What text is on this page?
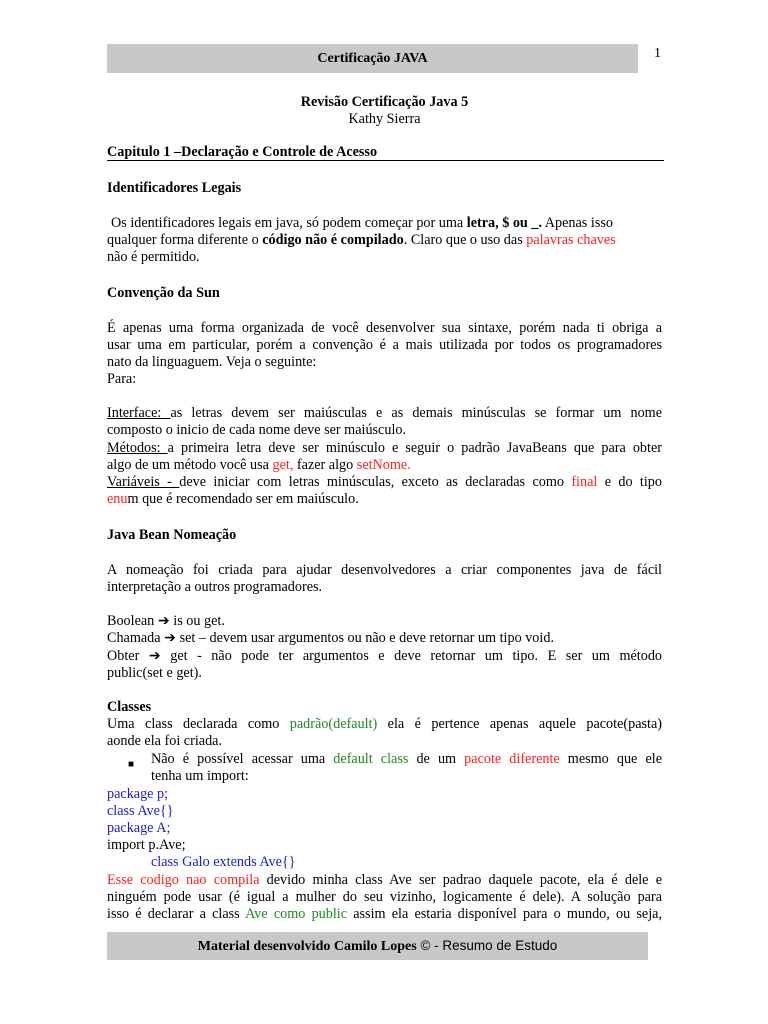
Certificação JAVA	1
Revisão Certificação Java 5
Kathy Sierra
Capitulo 1 –Declaração e Controle de Acesso
Identificadores Legais
Os identificadores legais em java, só podem começar por uma letra, $ ou _. Apenas isso
qualquer forma diferente o código não é compilado. Claro que o uso das palavras chaves
não é permitido.
Convenção da Sun
É apenas uma forma organizada de você desenvolver sua sintaxe, porém nada ti obriga a
usar uma em particular, porém a convenção é a mais utilizada por todos os programadores
nato da linguaguem. Veja o seguinte:
Para:
Interface: as letras devem ser maiúsculas e as demais minúsculas se formar um nome
composto o inicio de cada nome deve ser maiúsculo.
Métodos: a primeira letra deve ser minúsculo e seguir o padrão JavaBeans que para obter
algo de um método você usa get, fazer algo setNome.
Variáveis - deve iniciar com letras minúsculas, exceto as declaradas como final e do tipo
enum que é recomendado ser em maiúsculo.
Java Bean Nomeação
A nomeação foi criada para ajudar desenvolvedores a criar componentes java de fácil
interpretação a outros programadores.
Boolean ➔ is ou get.
Chamada ➔ set – devem usar argumentos ou não e deve retornar um tipo void.
Obter ➔ get - não pode ter argumentos e deve retornar um tipo. E ser um método
public(set e get).
Classes
Uma class declarada como padrão(default) ela é pertence apenas aquele pacote(pasta)
aonde ela foi criada.
■ Não é possível acessar uma default class de um pacote diferente mesmo que ele
tenha um import:
package p;
class Ave{}
package A;
import p.Ave;
class Galo extends Ave{}
Esse codigo nao compila devido minha class Ave ser padrao daquele pacote, ela é dele e
ninguém pode usar (é igual a mulher do seu vizinho, logicamente é dele). A solução para
isso é declarar a class Ave como public assim ela estaria disponível para o mundo, ou seja,
Material desenvolvido Camilo Lopes © - Resumo de Estudo
